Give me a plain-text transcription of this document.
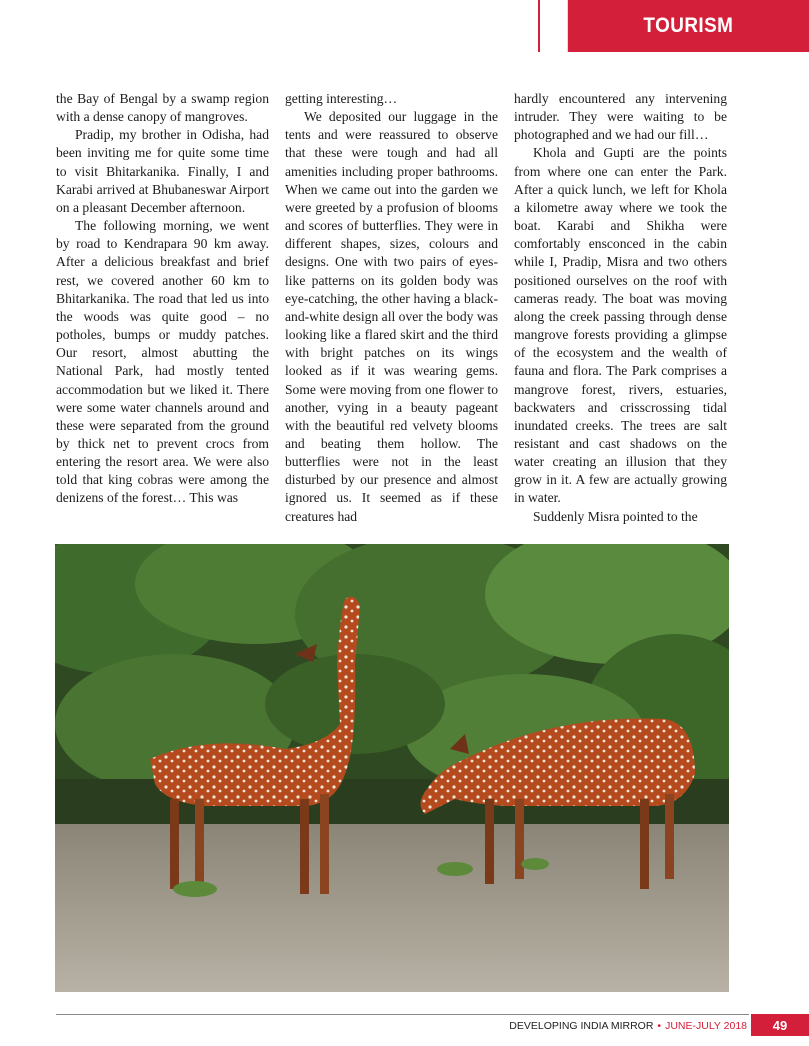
TOURISM

the Bay of Bengal by a swamp region with a dense canopy of mangroves.

Pradip, my brother in Odisha, had been inviting me for quite some time to visit Bhitarkanika. Finally, I and Karabi arrived at Bhubaneswar Airport on a pleasant December afternoon.

The following morning, we went by road to Kendrapara 90 km away. After a delicious breakfast and brief rest, we covered another 60 km to Bhitarkanika. The road that led us into the woods was quite good – no potholes, bumps or muddy patches. Our resort, almost abutting the National Park, had mostly tented accommodation but we liked it. There were some water channels around and these were separated from the ground by thick net to prevent crocs from entering the resort area. We were also told that king cobras were among the denizens of the forest… This was

getting interesting…

We deposited our luggage in the tents and were reassured to observe that these were tough and had all amenities including proper bathrooms. When we came out into the garden we were greeted by a profusion of blooms and scores of butterflies. They were in different shapes, sizes, colours and designs. One with two pairs of eyes-like patterns on its golden body was eye-catching, the other having a black-and-white design all over the body was looking like a flared skirt and the third with bright patches on its wings looked as if it was wearing gems. Some were moving from one flower to another, vying in a beauty pageant with the beautiful red velvety blooms and beating them hollow. The butterflies were not in the least disturbed by our presence and almost ignored us. It seemed as if these creatures had

hardly encountered any intervening intruder. They were waiting to be photographed and we had our fill…

Khola and Gupti are the points from where one can enter the Park. After a quick lunch, we left for Khola a kilometre away where we took the boat. Karabi and Shikha were comfortably ensconced in the cabin while I, Pradip, Misra and two others positioned ourselves on the roof with cameras ready. The boat was moving along the creek passing through dense mangrove forests providing a glimpse of the ecosystem and the wealth of fauna and flora. The Park comprises a mangrove forest, rivers, estuaries, backwaters and crisscrossing tidal inundated creeks. The trees are salt resistant and cast shadows on the water creating an illusion that they grow in it. A few are actually growing in water.

Suddenly Misra pointed to the

DEVELOPING INDIA MIRROR • JUNE-JULY 2018	49
